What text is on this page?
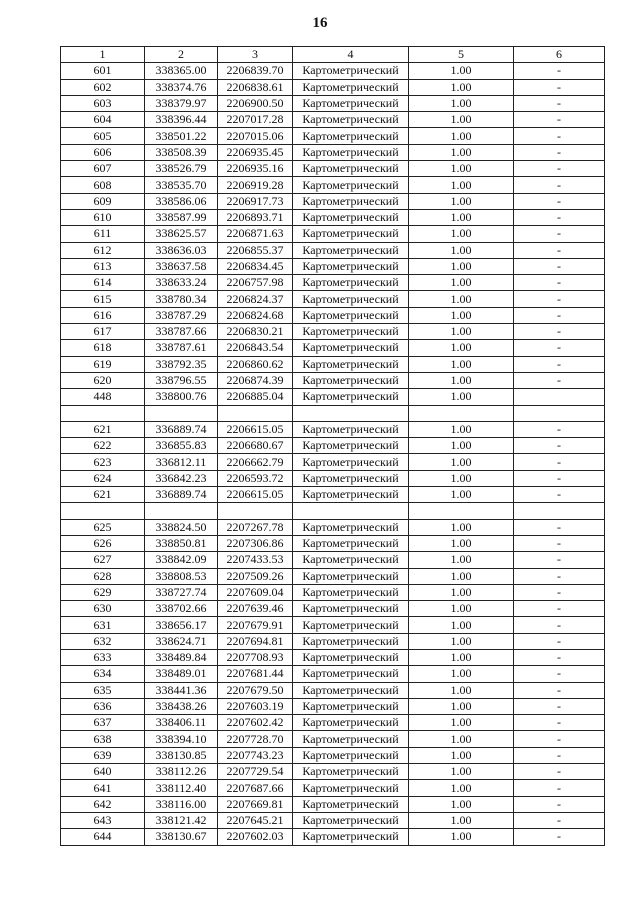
16
1	2	3	4	5	6
601	338365.00	2206839.70	Картометрический	1.00	-
602	338374.76	2206838.61	Картометрический	1.00	-
603	338379.97	2206900.50	Картометрический	1.00	-
604	338396.44	2207017.28	Картометрический	1.00	-
605	338501.22	2207015.06	Картометрический	1.00	-
606	338508.39	2206935.45	Картометрический	1.00	-
607	338526.79	2206935.16	Картометрический	1.00	-
608	338535.70	2206919.28	Картометрический	1.00	-
609	338586.06	2206917.73	Картометрический	1.00	-
610	338587.99	2206893.71	Картометрический	1.00	-
611	338625.57	2206871.63	Картометрический	1.00	-
612	338636.03	2206855.37	Картометрический	1.00	-
613	338637.58	2206834.45	Картометрический	1.00	-
614	338633.24	2206757.98	Картометрический	1.00	-
615	338780.34	2206824.37	Картометрический	1.00	-
616	338787.29	2206824.68	Картометрический	1.00	-
617	338787.66	2206830.21	Картометрический	1.00	-
618	338787.61	2206843.54	Картометрический	1.00	-
619	338792.35	2206860.62	Картометрический	1.00	-
620	338796.55	2206874.39	Картометрический	1.00	-
448	338800.76	2206885.04	Картометрический	1.00	

621	336889.74	2206615.05	Картометрический	1.00	-
622	336855.83	2206680.67	Картометрический	1.00	-
623	336812.11	2206662.79	Картометрический	1.00	-
624	336842.23	2206593.72	Картометрический	1.00	-
621	336889.74	2206615.05	Картометрический	1.00	-

625	338824.50	2207267.78	Картометрический	1.00	-
626	338850.81	2207306.86	Картометрический	1.00	-
627	338842.09	2207433.53	Картометрический	1.00	-
628	338808.53	2207509.26	Картометрический	1.00	-
629	338727.74	2207609.04	Картометрический	1.00	-
630	338702.66	2207639.46	Картометрический	1.00	-
631	338656.17	2207679.91	Картометрический	1.00	-
632	338624.71	2207694.81	Картометрический	1.00	-
633	338489.84	2207708.93	Картометрический	1.00	-
634	338489.01	2207681.44	Картометрический	1.00	-
635	338441.36	2207679.50	Картометрический	1.00	-
636	338438.26	2207603.19	Картометрический	1.00	-
637	338406.11	2207602.42	Картометрический	1.00	-
638	338394.10	2207728.70	Картометрический	1.00	-
639	338130.85	2207743.23	Картометрический	1.00	-
640	338112.26	2207729.54	Картометрический	1.00	-
641	338112.40	2207687.66	Картометрический	1.00	-
642	338116.00	2207669.81	Картометрический	1.00	-
643	338121.42	2207645.21	Картометрический	1.00	-
644	338130.67	2207602.03	Картометрический	1.00	-
